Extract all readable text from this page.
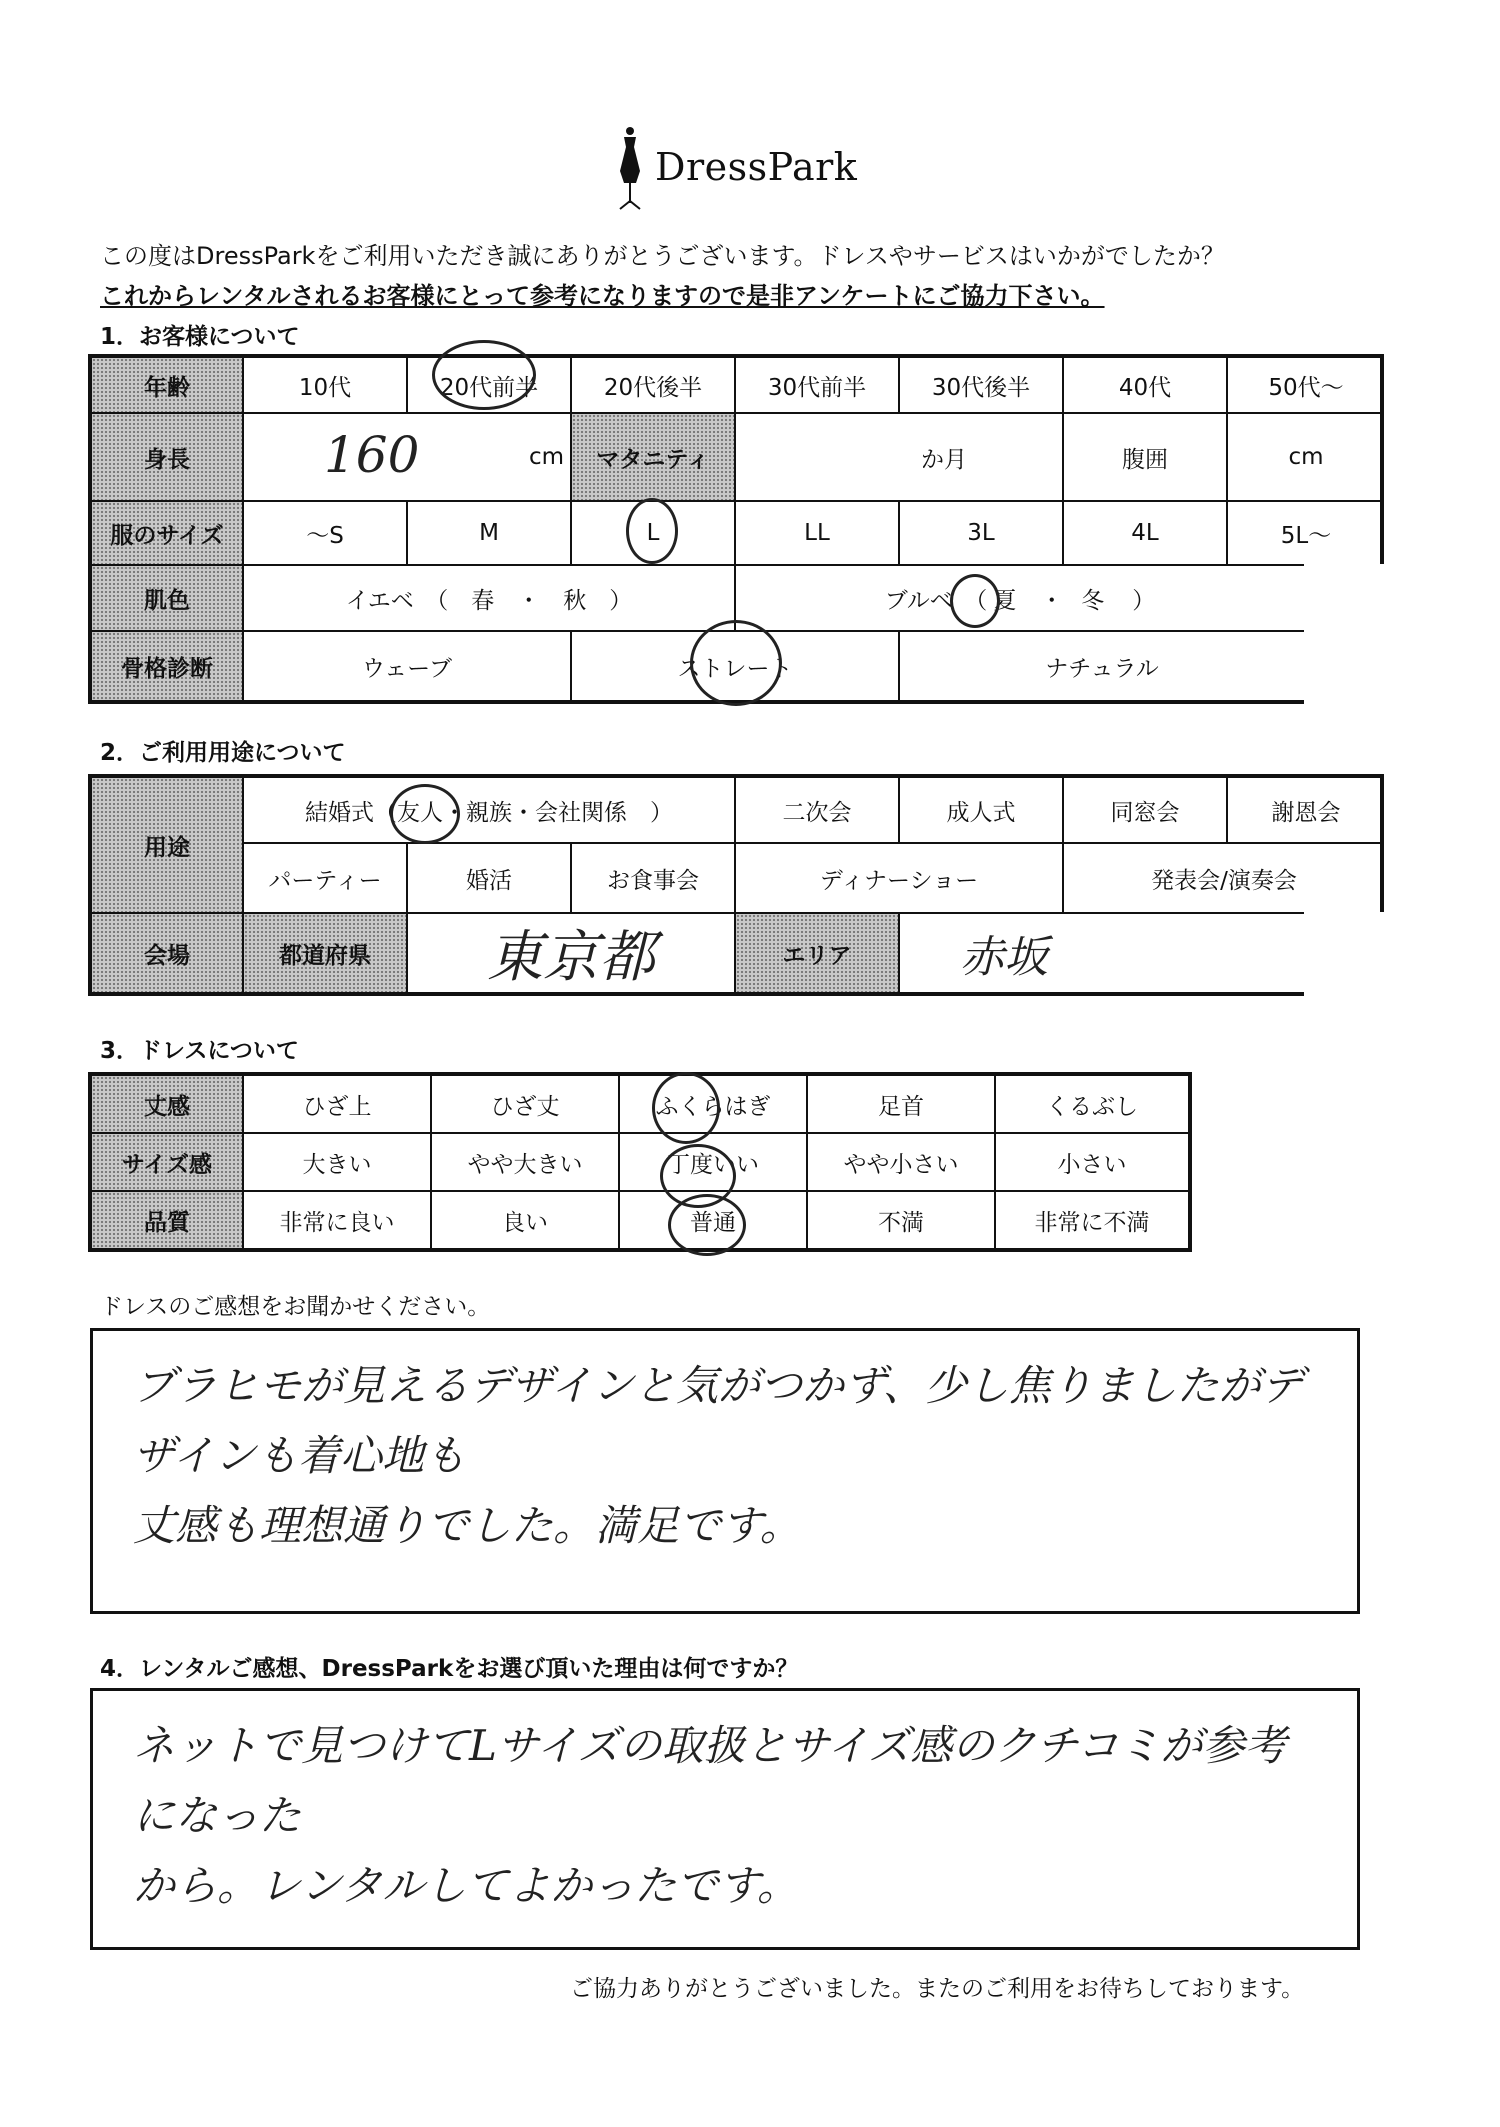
DressPark
この度はDressParkをご利用いただき誠にありがとうございます。ドレスやサービスはいかがでしたか？
これからレンタルされるお客様にとって参考になりますので是非アンケートにご協力下さい。
1．お客様について
年齢	10代	20代前半	20代後半	30代前半	30代後半	40代	50代～
身長	160	cm	マタニティ	か月	腹囲	cm
服のサイズ	～S	M	L	LL	3L	4L	5L～
肌色	イエベ　（　春　・　秋　）	ブルベ　（ 夏 ・ 冬 ）
骨格診断	ウェーブ	ストレート	ナチュラル
2．ご利用用途について
用途
結婚式（ 友人 ・親族・会社関係　）	二次会	成人式	同窓会	謝恩会
パーティー	婚活	お食事会	ディナーショー	発表会/演奏会
会場	都道府県	東京都	エリア	赤坂
3．ドレスについて
丈感	ひざ上	ひざ丈	ふくらはぎ	足首	くるぶし
サイズ感	大きい	やや大きい	丁度いい	やや小さい	小さい
品質	非常に良い	良い	普通	不満	非常に不満
ドレスのご感想をお聞かせください。
ブラヒモが見えるデザインと気がつかず、少し焦りましたがデザインも着心地も
丈感も理想通りでした。満足です。
4．レンタルご感想、DressParkをお選び頂いた理由は何ですか？
ネットで見つけてLサイズの取扱とサイズ感のクチコミが参考になった
から。レンタルしてよかったです。
ご協力ありがとうございました。またのご利用をお待ちしております。
